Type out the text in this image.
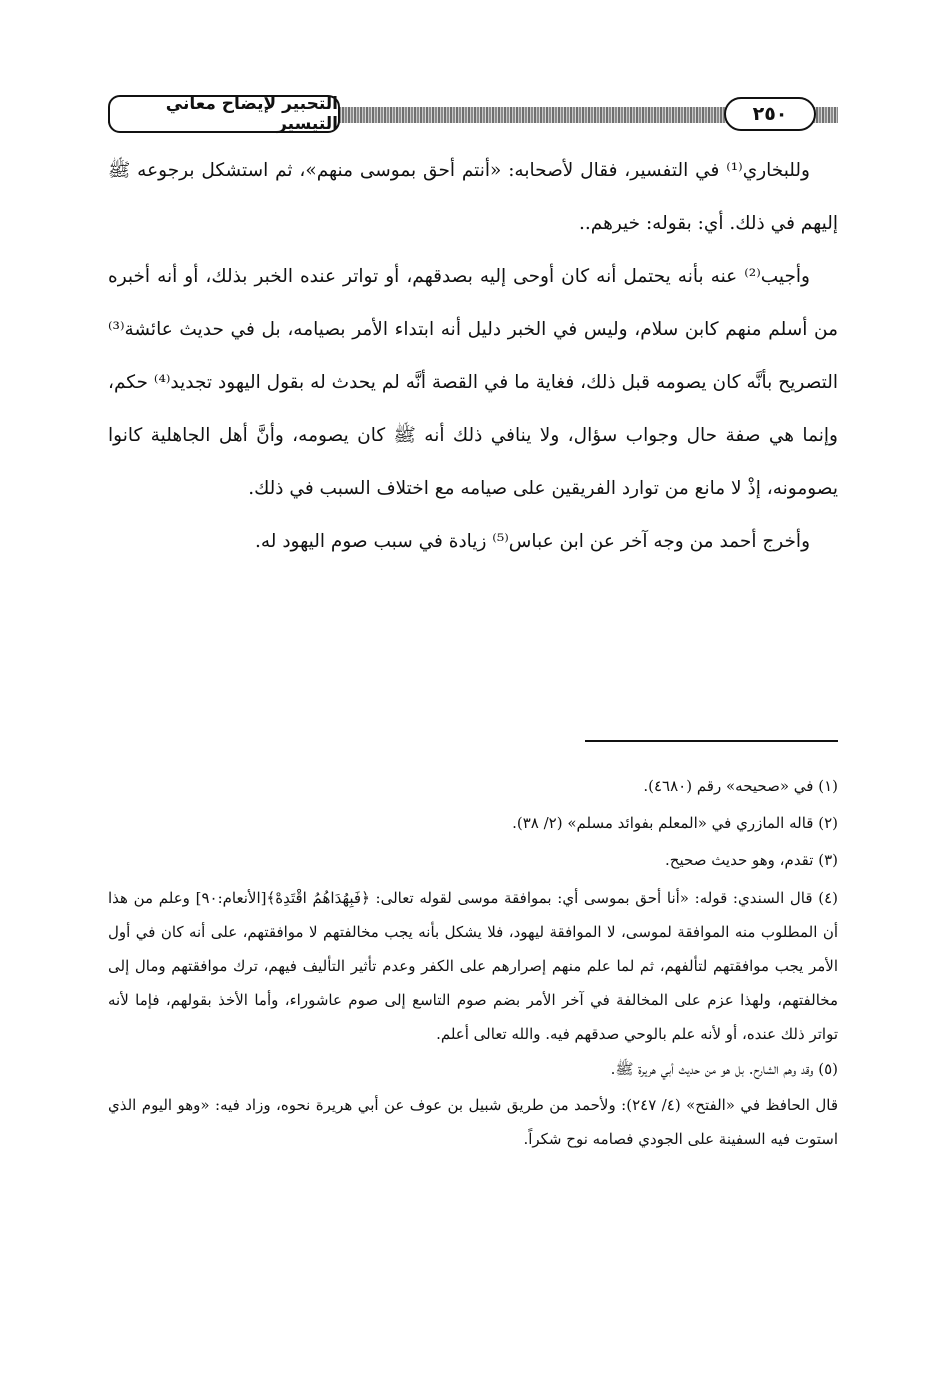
التحبير لإيضاح معاني التيسير	٢٥٠

وللبخاري⁽¹⁾ في التفسير، فقال لأصحابه: «أنتم أحق بموسى منهم»، ثم استشكل برجوعه ﷺ إليهم في ذلك. أي: بقوله: خيرهم..

وأجيب⁽²⁾ عنه بأنه يحتمل أنه كان أوحى إليه بصدقهم، أو تواتر عنده الخبر بذلك، أو أنه أخبره من أسلم منهم كابن سلام، وليس في الخبر دليل أنه ابتداء الأمر بصيامه، بل في حديث عائشة⁽³⁾ التصريح بأنَّه كان يصومه قبل ذلك، فغاية ما في القصة أنَّه لم يحدث له بقول اليهود تجديد⁽⁴⁾ حكم، وإنما هي صفة حال وجواب سؤال، ولا ينافي ذلك أنه ﷺ كان يصومه، وأنَّ أهل الجاهلية كانوا يصومونه، إذْ لا مانع من توارد الفريقين على صيامه مع اختلاف السبب في ذلك.

وأخرج أحمد من وجه آخر عن ابن عباس⁽⁵⁾ زيادة في سبب صوم اليهود له.

(١) في «صحيحه» رقم (٤٦٨٠).

(٢) قاله المازري في «المعلم بفوائد مسلم» (٢/ ٣٨).

(٣) تقدم، وهو حديث صحيح.

(٤) قال السندي: قوله: «أنا أحق بموسى أي: بموافقة موسى لقوله تعالى: ﴿فَبِهُدَاهُمُ اقْتَدِهْ﴾[الأنعام:٩٠] وعلم من هذا أن المطلوب منه الموافقة لموسى، لا الموافقة ليهود، فلا يشكل بأنه يجب مخالفتهم لا موافقتهم، على أنه كان في أول الأمر يجب موافقتهم لتألفهم، ثم لما علم منهم إصرارهم على الكفر وعدم تأثير التأليف فيهم، ترك موافقتهم ومال إلى مخالفتهم، ولهذا عزم على المخالفة في آخر الأمر بضم صوم التاسع إلى صوم عاشوراء، وأما الأخذ بقولهم، فإما لأنه تواتر ذلك عنده، أو لأنه علم بالوحي صدقهم فيه. والله تعالى أعلم.

(٥) وقد وهم الشارح. بل هو من حديث أبي هريرة ﷺ.

قال الحافظ في «الفتح» (٤/ ٢٤٧): ولأحمد من طريق شبيل بن عوف عن أبي هريرة نحوه، وزاد فيه: «وهو اليوم الذي استوت فيه السفينة على الجودي فصامه نوح شكراً.
